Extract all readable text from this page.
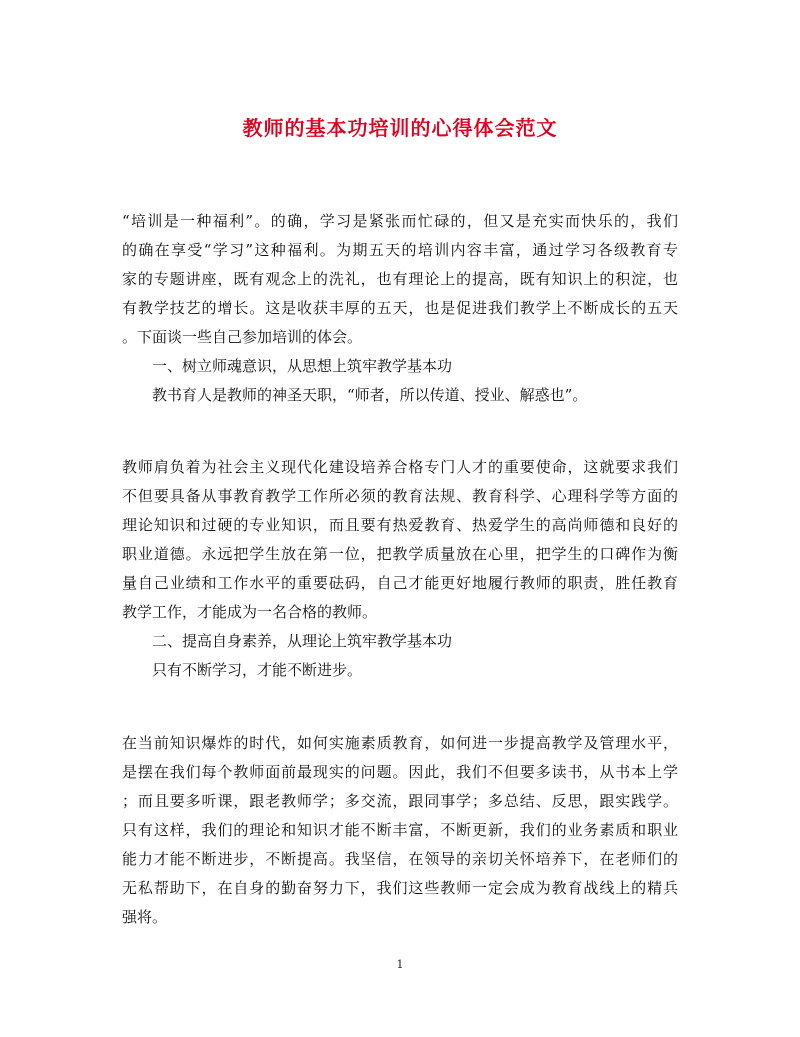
教师的基本功培训的心得体会范文
“培训是一种福利”。的确，学习是紧张而忙碌的，但又是充实而快乐的，我们
的确在享受“学习”这种福利。为期五天的培训内容丰富，通过学习各级教育专
家的专题讲座，既有观念上的洗礼，也有理论上的提高，既有知识上的积淀，也
有教学技艺的增长。这是收获丰厚的五天，也是促进我们教学上不断成长的五天
。下面谈一些自己参加培训的体会。
一、树立师魂意识，从思想上筑牢教学基本功
教书育人是教师的神圣天职，“师者，所以传道、授业、解惑也”。
教师肩负着为社会主义现代化建设培养合格专门人才的重要使命，这就要求我们
不但要具备从事教育教学工作所必须的教育法规、教育科学、心理科学等方面的
理论知识和过硬的专业知识，而且要有热爱教育、热爱学生的高尚师德和良好的
职业道德。永远把学生放在第一位，把教学质量放在心里，把学生的口碑作为衡
量自己业绩和工作水平的重要砝码，自己才能更好地履行教师的职责，胜任教育
教学工作，才能成为一名合格的教师。
二、提高自身素养，从理论上筑牢教学基本功
只有不断学习，才能不断进步。
在当前知识爆炸的时代，如何实施素质教育，如何进一步提高教学及管理水平，
是摆在我们每个教师面前最现实的问题。因此，我们不但要多读书，从书本上学
；而且要多听课，跟老教师学；多交流，跟同事学；多总结、反思，跟实践学。
只有这样，我们的理论和知识才能不断丰富，不断更新，我们的业务素质和职业
能力才能不断进步，不断提高。我坚信，在领导的亲切关怀培养下，在老师们的
无私帮助下，在自身的勤奋努力下，我们这些教师一定会成为教育战线上的精兵
强将。
1
